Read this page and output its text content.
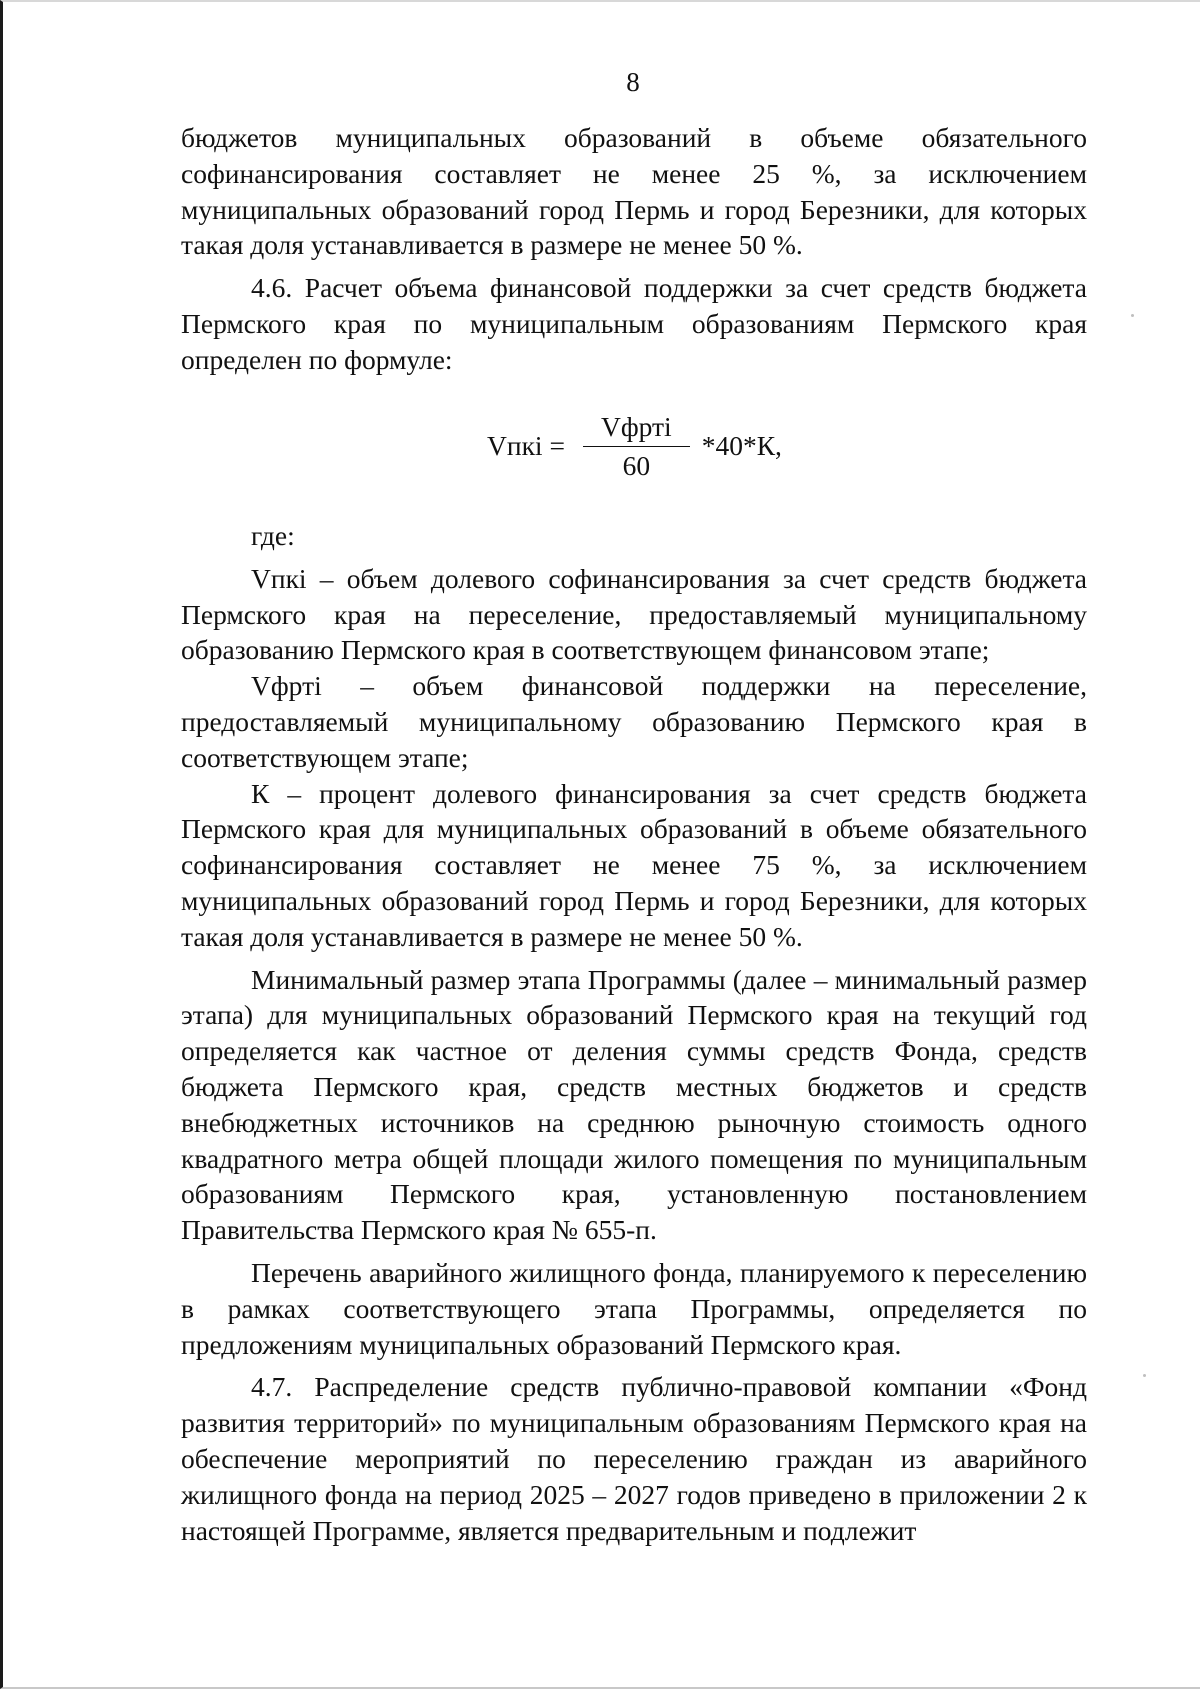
8

бюджетов муниципальных образований в объеме обязательного софинансирования составляет не менее 25 %, за исключением муниципальных образований город Пермь и город Березники, для которых такая доля устанавливается в размере не менее 50 %.

4.6. Расчет объема финансовой поддержки за счет средств бюджета Пермского края по муниципальным образованиям Пермского края определен по формуле:

Vпкi = $\frac{\text{Vфрті}}{60} *40*К$,

где:

Vпкi – объем долевого софинансирования за счет средств бюджета Пермского края на переселение, предоставляемый муниципальному образованию Пермского края в соответствующем финансовом этапе;

Vфрті – объем финансовой поддержки на переселение, предоставляемый муниципальному образованию Пермского края в соответствующем этапе;

К – процент долевого финансирования за счет средств бюджета Пермского края для муниципальных образований в объеме обязательного софинансирования составляет не менее 75 %, за исключением муниципальных образований город Пермь и город Березники, для которых такая доля устанавливается в размере не менее 50 %.

Минимальный размер этапа Программы (далее – минимальный размер этапа) для муниципальных образований Пермского края на текущий год определяется как частное от деления суммы средств Фонда, средств бюджета Пермского края, средств местных бюджетов и средств внебюджетных источников на среднюю рыночную стоимость одного квадратного метра общей площади жилого помещения по муниципальным образованиям Пермского края, установленную постановлением Правительства Пермского края № 655-п.

Перечень аварийного жилищного фонда, планируемого к переселению в рамках соответствующего этапа Программы, определяется по предложениям муниципальных образований Пермского края.

4.7. Распределение средств публично-правовой компании «Фонд развития территорий» по муниципальным образованиям Пермского края на обеспечение мероприятий по переселению граждан из аварийного жилищного фонда на период 2025 – 2027 годов приведено в приложении 2 к настоящей Программе, является предварительным и подлежит
